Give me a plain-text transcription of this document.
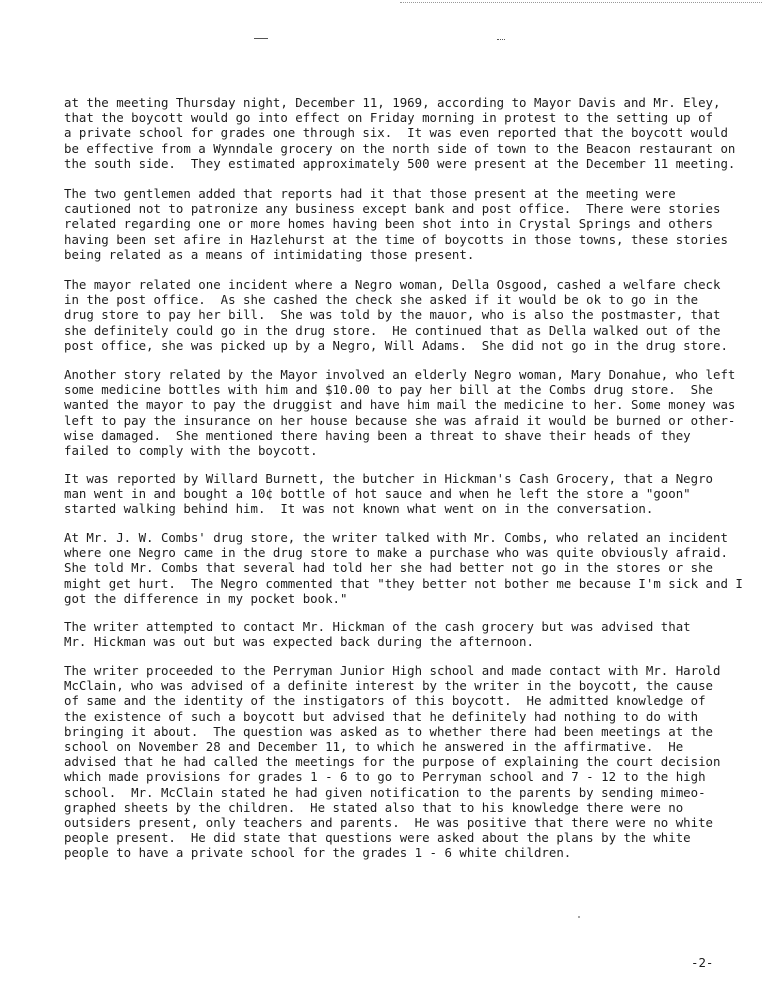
at the meeting Thursday night, December 11, 1969, according to Mayor Davis and Mr. Eley,
that the boycott would go into effect on Friday morning in protest to the setting up of
a private school for grades one through six.  It was even reported that the boycott would
be effective from a Wynndale grocery on the north side of town to the Beacon restaurant on
the south side.  They estimated approximately 500 were present at the December 11 meeting.

The two gentlemen added that reports had it that those present at the meeting were
cautioned not to patronize any business except bank and post office.  There were stories
related regarding one or more homes having been shot into in Crystal Springs and others
having been set afire in Hazlehurst at the time of boycotts in those towns, these stories
being related as a means of intimidating those present.

The mayor related one incident where a Negro woman, Della Osgood, cashed a welfare check
in the post office.  As she cashed the check she asked if it would be ok to go in the
drug store to pay her bill.  She was told by the mauor, who is also the postmaster, that
she definitely could go in the drug store.  He continued that as Della walked out of the
post office, she was picked up by a Negro, Will Adams.  She did not go in the drug store.

Another story related by the Mayor involved an elderly Negro woman, Mary Donahue, who left
some medicine bottles with him and $10.00 to pay her bill at the Combs drug store.  She
wanted the mayor to pay the druggist and have him mail the medicine to her. Some money was
left to pay the insurance on her house because she was afraid it would be burned or other-
wise damaged.  She mentioned there having been a threat to shave their heads of they
failed to comply with the boycott.

It was reported by Willard Burnett, the butcher in Hickman's Cash Grocery, that a Negro
man went in and bought a 10¢ bottle of hot sauce and when he left the store a "goon"
started walking behind him.  It was not known what went on in the conversation.

At Mr. J. W. Combs' drug store, the writer talked with Mr. Combs, who related an incident
where one Negro came in the drug store to make a purchase who was quite obviously afraid.
She told Mr. Combs that several had told her she had better not go in the stores or she
might get hurt.  The Negro commented that "they better not bother me because I'm sick and I
got the difference in my pocket book."

The writer attempted to contact Mr. Hickman of the cash grocery but was advised that
Mr. Hickman was out but was expected back during the afternoon.

The writer proceeded to the Perryman Junior High school and made contact with Mr. Harold
McClain, who was advised of a definite interest by the writer in the boycott, the cause
of same and the identity of the instigators of this boycott.  He admitted knowledge of
the existence of such a boycott but advised that he definitely had nothing to do with
bringing it about.  The question was asked as to whether there had been meetings at the
school on November 28 and December 11, to which he answered in the affirmative.  He
advised that he had called the meetings for the purpose of explaining the court decision
which made provisions for grades 1 - 6 to go to Perryman school and 7 - 12 to the high
school.  Mr. McClain stated he had given notification to the parents by sending mimeo-
graphed sheets by the children.  He stated also that to his knowledge there were no
outsiders present, only teachers and parents.  He was positive that there were no white
people present.  He did state that questions were asked about the plans by the white
people to have a private school for the grades 1 - 6 white children.

-2-
